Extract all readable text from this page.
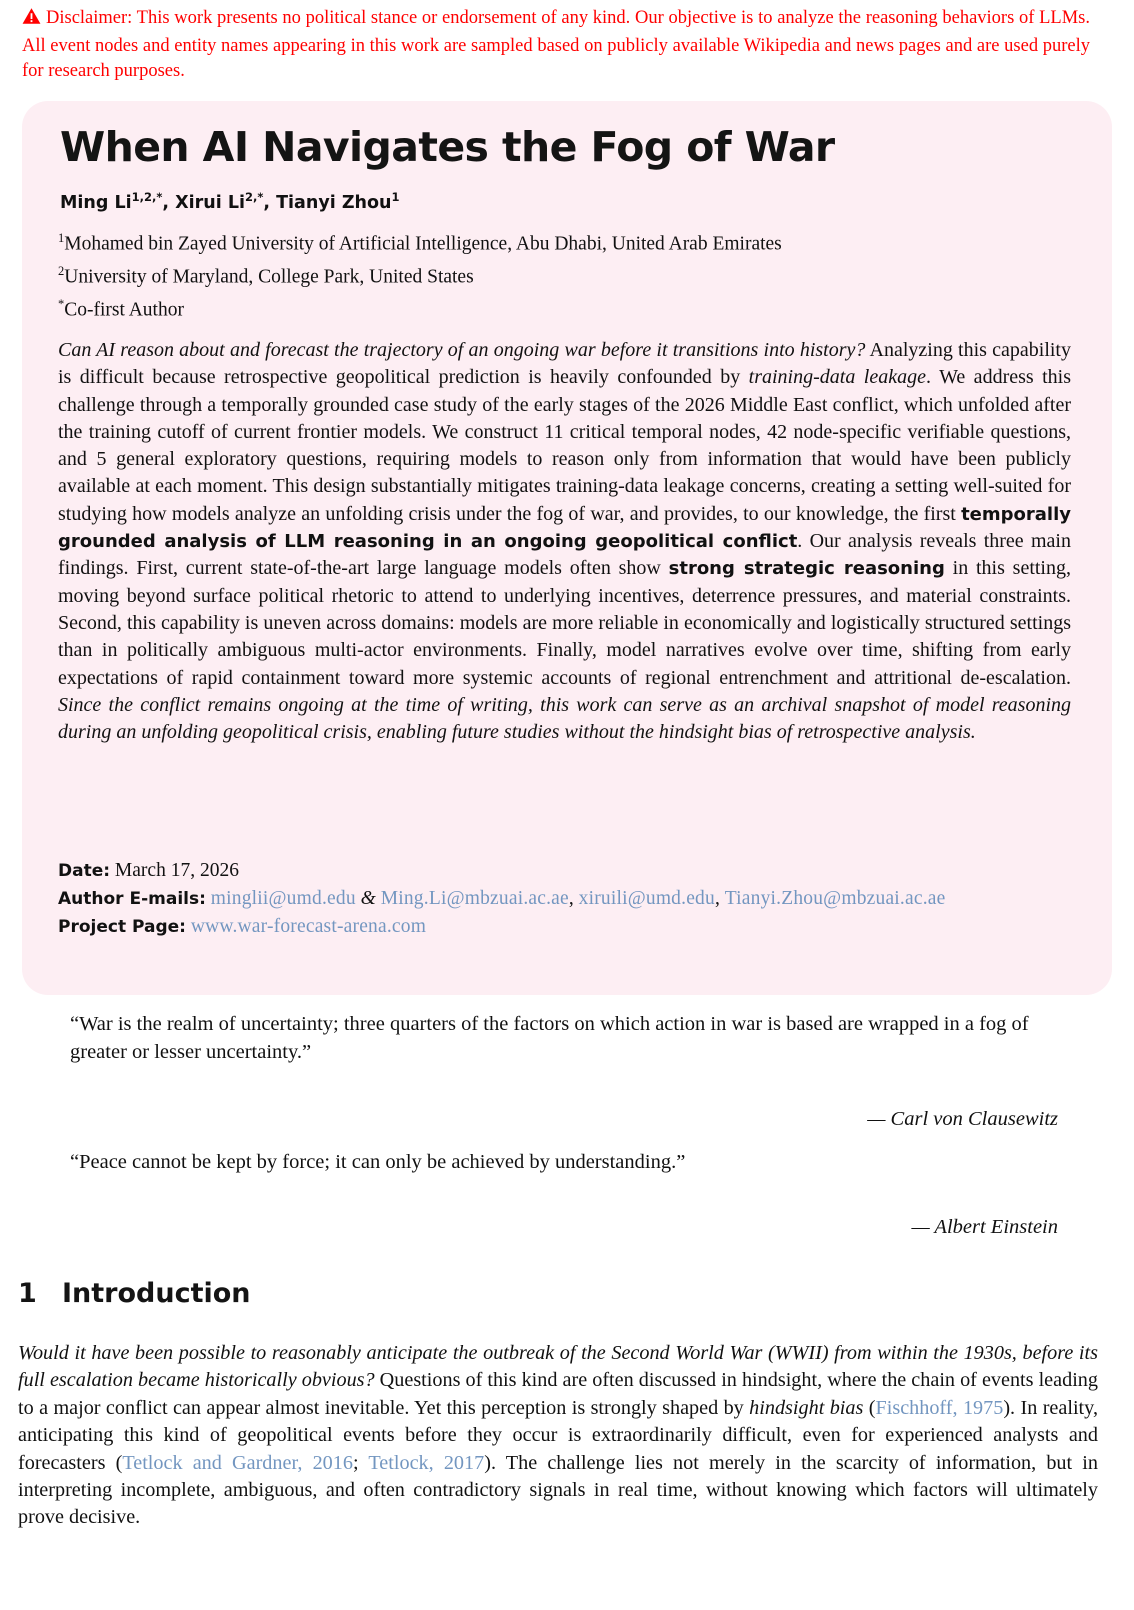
Disclaimer: This work presents no political stance or endorsement of any kind. Our objective is to analyze the reasoning behaviors of LLMs. All event nodes and entity names appearing in this work are sampled based on publicly available Wikipedia and news pages and are used purely for research purposes.
When AI Navigates the Fog of War
Ming $Li^{1,2,*}$, Xirui $Li^{2,*}$, Tianyi Zhou$^1$
$^1$Mohamed bin Zayed University of Artificial Intelligence, Abu Dhabi, United Arab Emirates
$^2$University of Maryland, College Park, United States
*Co-first Author
Can AI reason about and forecast the trajectory of an ongoing war before it transitions into history? Analyzing this capability is difficult because retrospective geopolitical prediction is heavily confounded by training-data leakage. We address this challenge through a temporally grounded case study of the early stages of the 2026 Middle East conflict, which unfolded after the training cutoff of current frontier models. We construct 11 critical temporal nodes, 42 node-specific verifiable questions, and 5 general exploratory questions, requiring models to reason only from information that would have been publicly available at each moment. This design substantially mitigates training-data leakage concerns, creating a setting well-suited for studying how models analyze an unfolding crisis under the fog of war, and provides, to our knowledge, the first temporally grounded analysis of LLM reasoning in an ongoing geopolitical conflict. Our analysis reveals three main findings. First, current state-of-the-art large language models often show strong strategic reasoning in this setting, moving beyond surface political rhetoric to attend to underlying incentives, deterrence pressures, and material constraints. Second, this capability is uneven across domains: models are more reliable in economically and logistically structured settings than in politically ambiguous multi-actor environments. Finally, model narratives evolve over time, shifting from early expectations of rapid containment toward more systemic accounts of regional entrenchment and attritional de-escalation. Since the conflict remains ongoing at the time of writing, this work can serve as an archival snapshot of model reasoning during an unfolding geopolitical crisis, enabling future studies without the hindsight bias of retrospective analysis.
Date: March 17, 2026
Author E-mails: minglii@umd.edu & Ming.Li@mbzuai.ac.ae, xiruili@umd.edu, Tianyi.Zhou@mbzuai.ac.ae
Project Page: www.war-forecast-arena.com
“War is the realm of uncertainty; three quarters of the factors on which action in war is based are wrapped in a fog of greater or lesser uncertainty.”
— Carl von Clausewitz
“Peace cannot be kept by force; it can only be achieved by understanding.”
— Albert Einstein
1 Introduction
Would it have been possible to reasonably anticipate the outbreak of the Second World War (WWII) from within the 1930s, before its full escalation became historically obvious? Questions of this kind are often discussed in hindsight, where the chain of events leading to a major conflict can appear almost inevitable. Yet this perception is strongly shaped by hindsight bias (Fischhoff, 1975). In reality, anticipating this kind of geopolitical events before they occur is extraordinarily difficult, even for experienced analysts and forecasters (Tetlock and Gardner, 2016; Tetlock, 2017). The challenge lies not merely in the scarcity of information, but in interpreting incomplete, ambiguous, and often contradictory signals in real time, without knowing which factors will ultimately prove decisive.
